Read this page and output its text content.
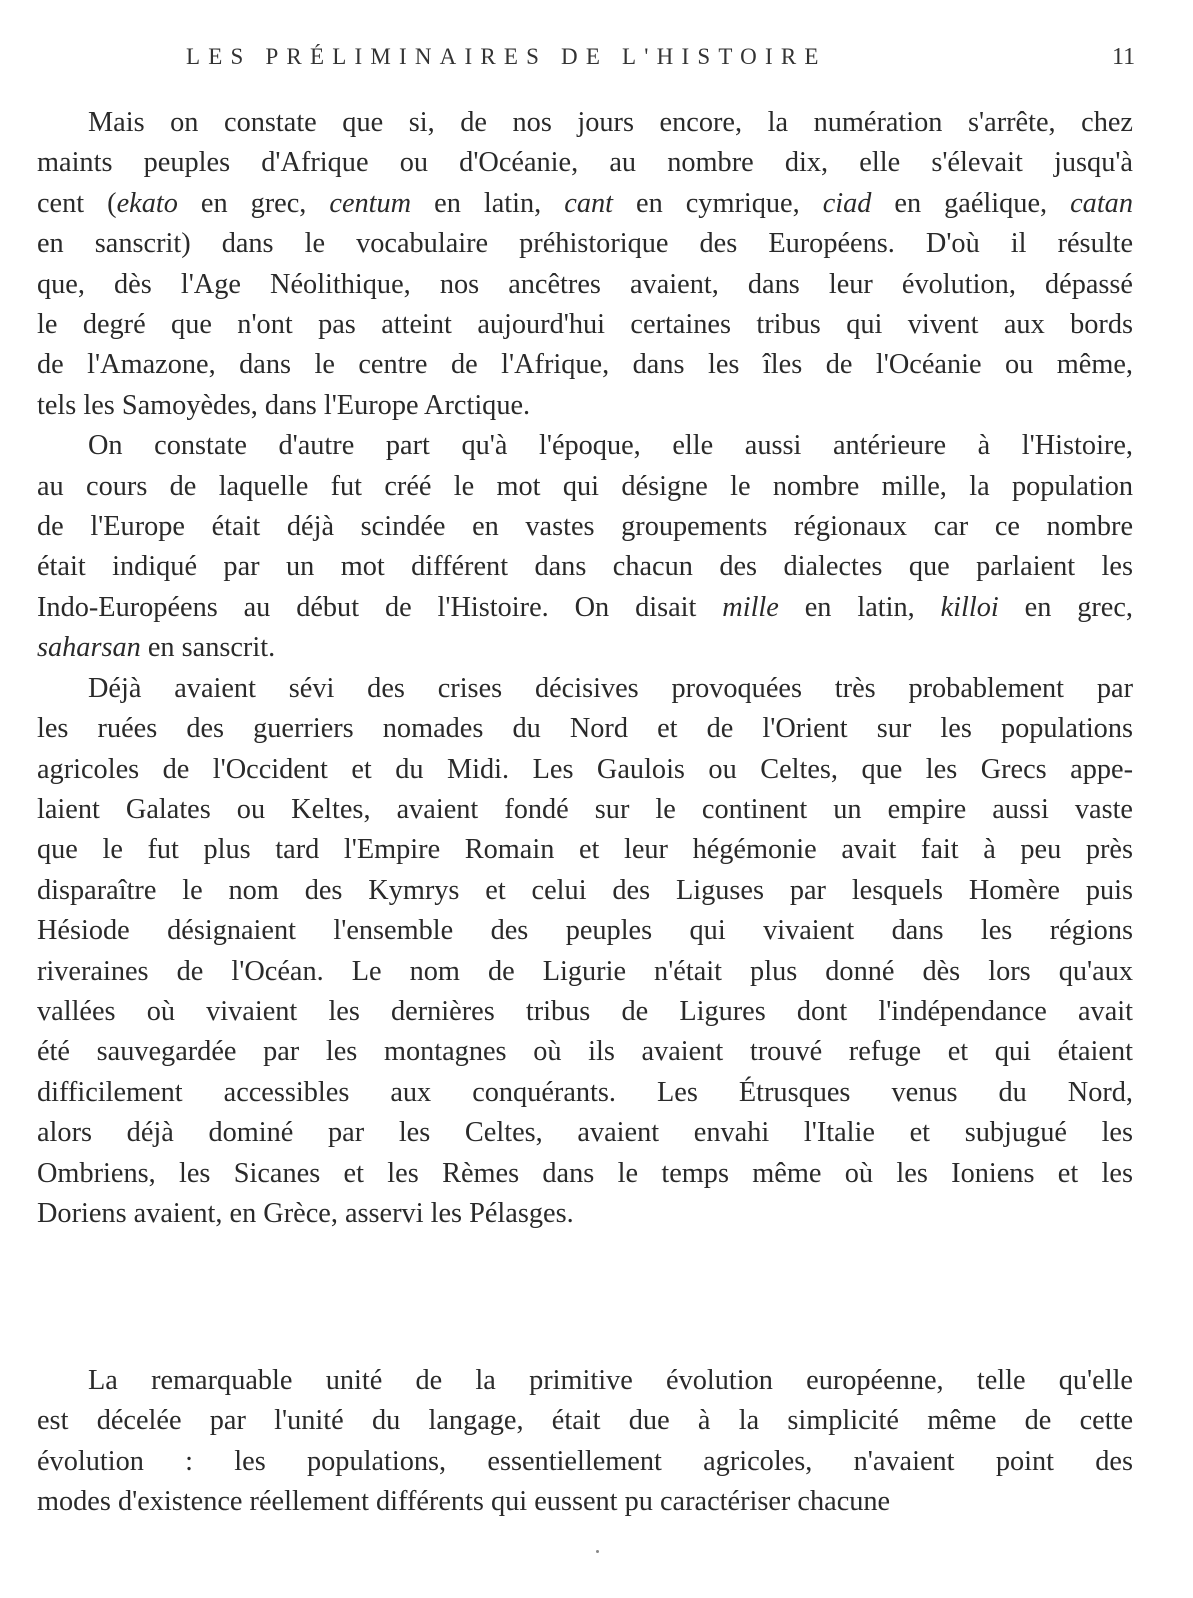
LES PRÉLIMINAIRES DE L'HISTOIRE	11
Mais on constate que si, de nos jours encore, la numération s'arrête, chez
maints peuples d'Afrique ou d'Océanie, au nombre dix, elle s'élevait jusqu'à
cent (ekato en grec, centum en latin, cant en cymrique, ciad en gaélique, catan
en sanscrit) dans le vocabulaire préhistorique des Européens. D'où il résulte
que, dès l'Age Néolithique, nos ancêtres avaient, dans leur évolution, dépassé
le degré que n'ont pas atteint aujourd'hui certaines tribus qui vivent aux bords
de l'Amazone, dans le centre de l'Afrique, dans les îles de l'Océanie ou même,
tels les Samoyèdes, dans l'Europe Arctique.
On constate d'autre part qu'à l'époque, elle aussi antérieure à l'Histoire,
au cours de laquelle fut créé le mot qui désigne le nombre mille, la population
de l'Europe était déjà scindée en vastes groupements régionaux car ce nombre
était indiqué par un mot différent dans chacun des dialectes que parlaient les
Indo-Européens au début de l'Histoire. On disait mille en latin, killoi en grec,
saharsan en sanscrit.
Déjà avaient sévi des crises décisives provoquées très probablement par
les ruées des guerriers nomades du Nord et de l'Orient sur les populations
agricoles de l'Occident et du Midi. Les Gaulois ou Celtes, que les Grecs appe-
laient Galates ou Keltes, avaient fondé sur le continent un empire aussi vaste
que le fut plus tard l'Empire Romain et leur hégémonie avait fait à peu près
disparaître le nom des Kymrys et celui des Liguses par lesquels Homère puis
Hésiode désignaient l'ensemble des peuples qui vivaient dans les régions
riveraines de l'Océan. Le nom de Ligurie n'était plus donné dès lors qu'aux
vallées où vivaient les dernières tribus de Ligures dont l'indépendance avait
été sauvegardée par les montagnes où ils avaient trouvé refuge et qui étaient
difficilement accessibles aux conquérants. Les Étrusques venus du Nord,
alors déjà dominé par les Celtes, avaient envahi l'Italie et subjugué les
Ombriens, les Sicanes et les Rèmes dans le temps même où les Ioniens et les
Doriens avaient, en Grèce, asservi les Pélasges.
La remarquable unité de la primitive évolution européenne, telle qu'elle
est décelée par l'unité du langage, était due à la simplicité même de cette
évolution : les populations, essentiellement agricoles, n'avaient point des
modes d'existence réellement différents qui eussent pu caractériser chacune
